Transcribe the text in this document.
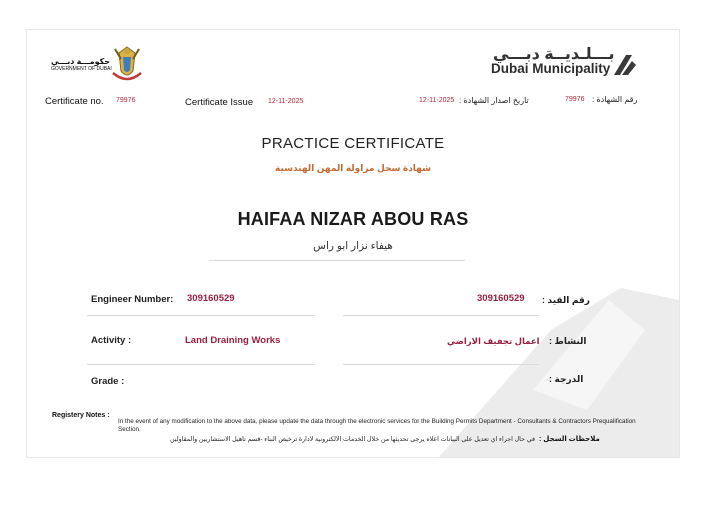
حكومـــة دبـــي
GOVERNMENT OF DUBAI
بـــلـديــة دبـــي
Dubai Municipality
Certificate no. 79976	Certificate Issue 12-11-2025	12-11-2025 تاريخ اصدار الشهادة :	79976 رقم الشهادة :
PRACTICE CERTIFICATE
شهادة سجل مزاولة المهن الهندسية
HAIFAA NIZAR ABOU RAS
هيفاء نزار ابو راس
Engineer Number: 309160529	309160529 رقم القيد :
Activity :	Land Draining Works	اعمال تجفيف الاراضي النشاط :
Grade :	الدرجة :
Registery Notes :
In the event of any modification to the above data, please update the data through the electronic services for the Building Permits Department - Consultants & Contractors Prequalification Section.
في حال اجراء اي تعديل على البيانات اعلاه يرجى تحديثها من خلال الخدمات الالكترونية لادارة ترخيص البناء -قسم تاهيل الاستشاريين والمقاولين ملاحظات السجل :
